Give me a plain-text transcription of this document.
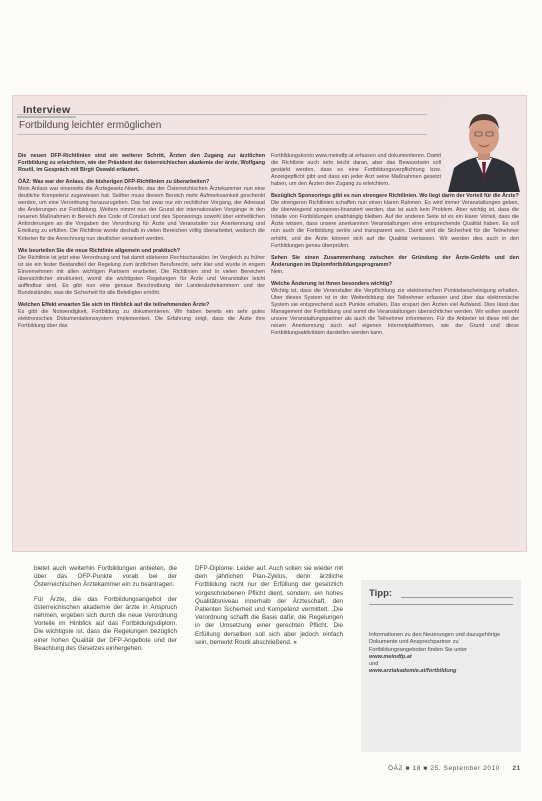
Interview
Fortbildung leichter ermöglichen

Die neuen DFP-Richtlinien sind ein weiterer Schritt, Ärzten den Zugang zur ärztlichen Fortbildung zu erleichtern, wie der Präsident der österreichischen akademie der ärzte, Wolfgang Routil, im Gespräch mit Birgit Oswald erläutert.

ÖÄZ: Was war der Anlass, die bisherigen DFP-Richtlinien zu überarbeiten?
Mein Anlass war einerseits die Ärztegesetz-Novelle, das der Österreichischen Ärztekammer nun eine deutliche Kompetenz zugewiesen hat. Seither muss diesem Bereich mehr Aufmerksamkeit geschenkt werden, um eine Verordnung herauszugeben. Das hat zwar nur ein rechtlicher Vorgang, der Adressat die Änderungen zur Fortbildung. Weiters nimmt nun der Grund der internationalen Vorgänge in den neueren Maßnahmen in Bereich des Code of Conduct und des Sponsorings sowohl über einheitlichen Anforderungen an die Vorgaben der Verordnung für Ärzte und Veranstalter zur Anerkennung und Erteilung zu erfüllen. Die Richtlinie wurde deshalb in vielen Bereichen völlig überarbeitet, wodurch die Kriterien für die Anrechnung nun deutlicher verankert werden.

Wie beurteilen Sie die neue Richtlinie allgemein und praktisch?
Die Richtlinie ist jetzt eine Verordnung und hat damit stärkeren Rechtscharakter. Im Vergleich zu früher ist sie ein fester Bestandteil der Regelung zum ärztlichen Berufsrecht, sehr klar und wurde in engem Einvernehmen mit allen wichtigen Partnern erarbeitet. Die Richtlinien sind in vielen Bereichen übersichtlicher strukturiert, womit die wichtigsten Regelungen für Ärzte und Veranstalter leicht auffindbar sind. Es gibt nun eine genaue Beschreibung der Landesärztekammern und der Bundesländer, was die Sicherheit für alle Beteiligten erhöht.

Welchen Effekt erwarten Sie sich im Hinblick auf die teilnehmenden Ärzte?
Es gibt die Notwendigkeit, Fortbildung zu dokumentieren. Wir haben bereits ein sehr gutes elektronisches Dokumentationssystem implementiert. Die Erfahrung zeigt, dass die Ärzte ihre Fortbildung über das

Fortbildungskonto www.meindfp.at erfassen und dokumentieren. Damit die Richtlinie auch sehr leicht daran, aber das Bewusstsein soll gestärkt werden, dass es eine Fortbildungsverpflichtung bzw. Anzeigepflicht gibt und dass ein jeder Arzt seine Maßnahmen gesetzt haben, um den Ärzten den Zugang zu erleichtern.

Bezüglich Sponsorings gibt es nun strengere Richtlinien. Wo liegt darin der Vorteil für die Ärzte?
Die strengeren Richtlinien schaffen nun einen klaren Rahmen. Es wird immer Veranstaltungen geben, die überwiegend sponsoren-finanziert werden, das ist auch kein Problem. Aber wichtig ist, dass die Inhalte von Fortbildungen unabhängig bleiben. Auf der anderen Seite ist es ein klarer Vorteil, dass die Ärzte wissen, dass unsere anerkannten Veranstaltungen eine entsprechende Qualität haben. Es soll nun auch die Fortbildung seriös und transparent sein. Damit wird die Sicherheit für die Teilnehmer erhöht, und die Ärzte können sich auf die Qualität verlassen. Wir werden dies auch in den Fortbildungen genau überprüfen.

Sehen Sie einen Zusammenhang zwischen der Gründung der Ärzte-GmbHs und den Änderungen im Diplomfortbildungsprogramm?
Nein.

Welche Änderung ist Ihnen besonders wichtig?
Wichtig ist, dass die Veranstalter die Verpflichtung zur elektronischen Punktebescheinigung erhalten. Über dieses System ist in der Weiterbildung der Teilnehmer erfassen und über das elektronische System sie entsprechend auch Punkte erhalten. Das erspart den Ärzten viel Aufwand. Dies lässt das Management der Fortbildung und somit die Veranstaltungen übersichtlicher werden. Wir wollen sowohl unsere Veranstaltungspartner als auch die Teilnehmer informieren. Für die Anbieter ist diese mit der neuen Anerkennung auch auf eigenen Internetplattformen, wie der Grund und diese Fortbildungsaktivitäten darstellen werden kann.

bietet auch weiterhin Fortbildungen anbieten, die über das DFP-Punkte vorab bei der Österreichischen Ärztekammer ein zu beantragen.

Für Ärzte, die das Fortbildungsangebot der österreichischen akademie der ärzte in Anspruch nehmen, ergeben sich durch die neue Verordnung Vorteile im Hinblick auf das Fortbildungsdiplom. Die wichtigste ist, dass die Regelungen bezüglich einer hohen Qualität der DFP-Angebote und der Beachtung des Gesetzes einhergehen.

DFP-Diplome: Leider auf. Auch sollen sie wieder mit dem jährlichen Plan-Zyklus, denn ärztliche Fortbildung nicht nur der Erfüllung der gesetzlich vorgeschriebenen Pflicht dient, sondern, ein hohes Qualitätsniveau innerhalb der Ärzteschaft, den Patienten Sicherheit und Kompetenz vermittelt. „Die Verordnung schafft die Basis dafür, die Regelungen in der Umsetzung einer gerechten Pflicht. Die Erfüllung derselben soll sich aber jedoch einfach sein, bemerkt Routil abschließend. «

Tipp:
Informationen zu den Neuerungen und dazugehörige Dokumente und Ansprechpartner zu Fortbildungsangeboten finden Sie unter
www.meindfp.at
und
www.arztakademie.at/fortbildung
ÖÄZ ■ 18 ■ 25. September 2010 21
